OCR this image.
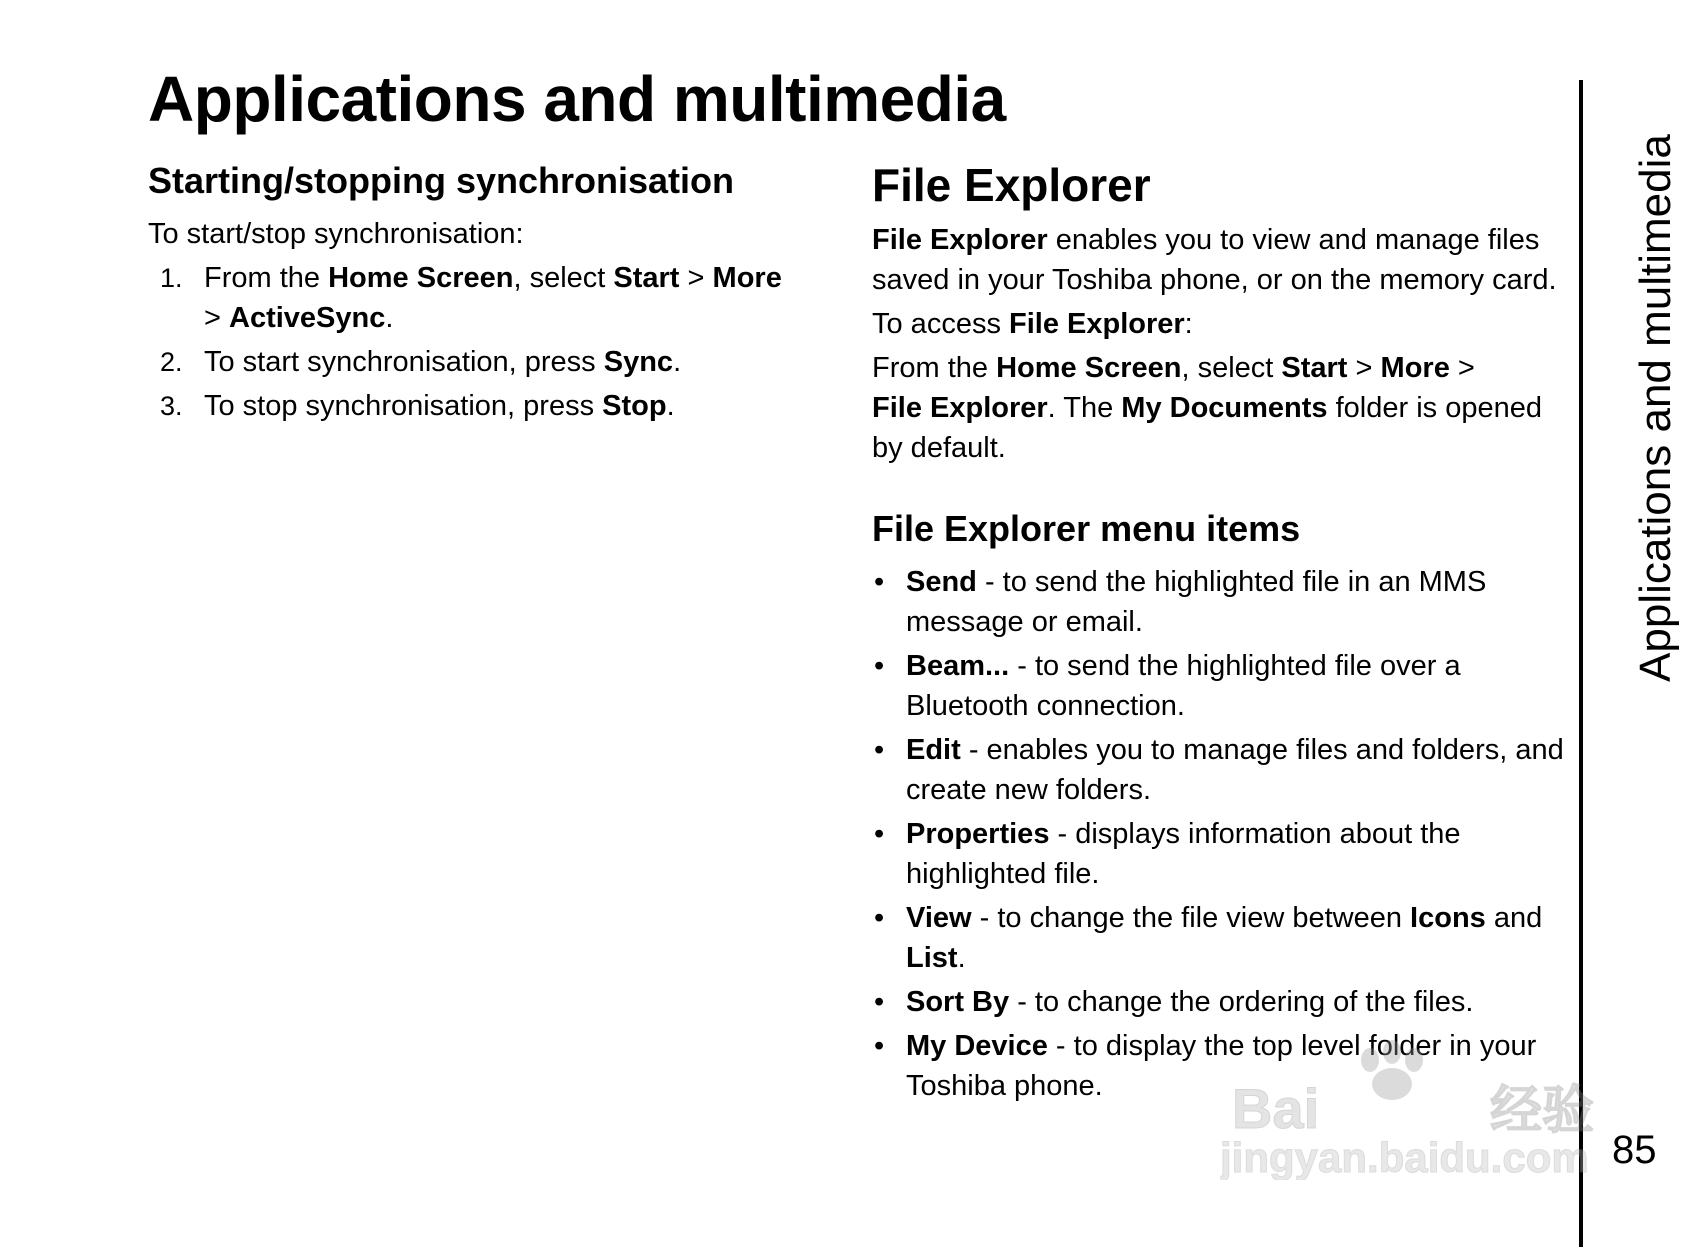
Applications and multimedia
Starting/stopping synchronisation

To start/stop synchronisation:

1. From the Home Screen, select Start > More
> ActiveSync.
2. To start synchronisation, press Sync.
3. To stop synchronisation, press Stop.
File Explorer

File Explorer enables you to view and manage files saved in your Toshiba phone, or on the memory card.

To access File Explorer:

From the Home Screen, select Start > More >
File Explorer. The My Documents folder is opened by default.

File Explorer menu items
• Send - to send the highlighted file in an MMS message or email.
• Beam... - to send the highlighted file over a Bluetooth connection.
• Edit - enables you to manage files and folders, and create new folders.
• Properties - displays information about the highlighted file.
• View - to change the file view between Icons and List.
• Sort By - to change the ordering of the files.
• My Device - to display the top level folder in your Toshiba phone.
Applications and multimedia
85
Bai	经验
jingyan.baidu.com
